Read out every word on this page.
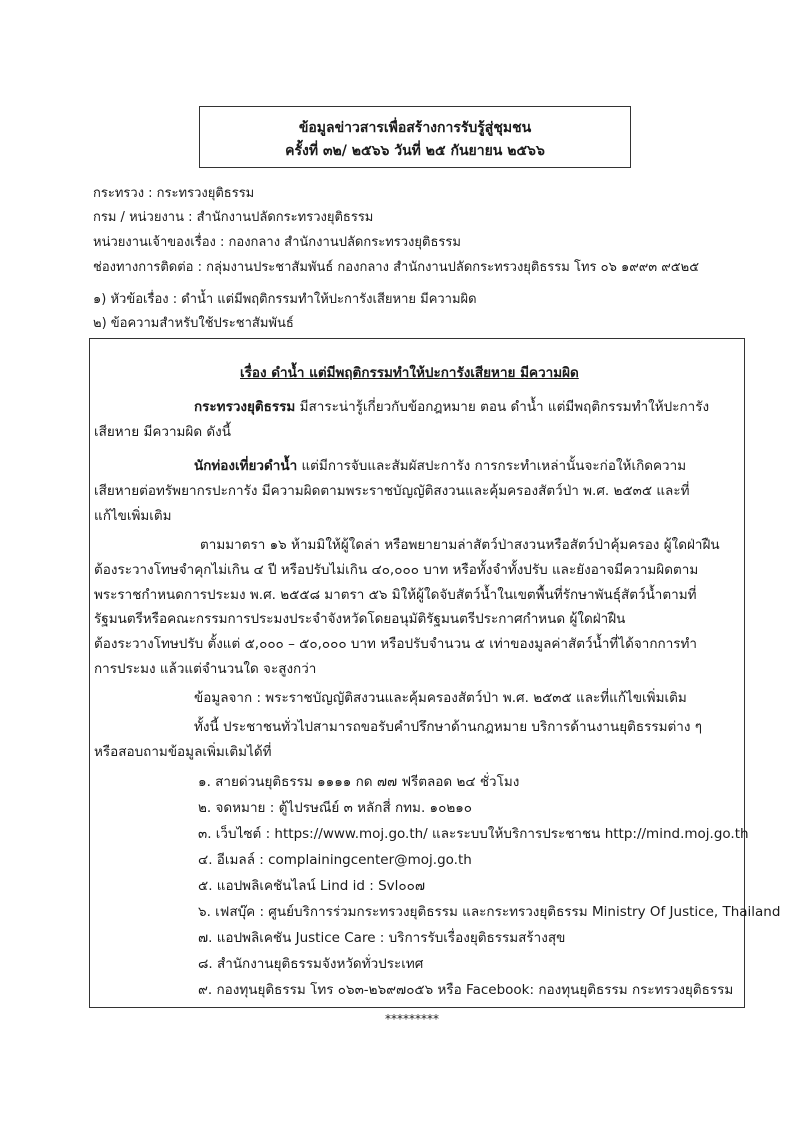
ข้อมูลข่าวสารเพื่อสร้างการรับรู้สู่ชุมชน
ครั้งที่ ๓๒/ ๒๕๖๖ วันที่ ๒๕ กันยายน ๒๕๖๖
กระทรวง : กระทรวงยุติธรรม
กรม / หน่วยงาน : สำนักงานปลัดกระทรวงยุติธรรม
หน่วยงานเจ้าของเรื่อง : กองกลาง สำนักงานปลัดกระทรวงยุติธรรม
ช่องทางการติดต่อ : กลุ่มงานประชาสัมพันธ์ กองกลาง สำนักงานปลัดกระทรวงยุติธรรม โทร ๐๖ ๑๙๙๓ ๙๕๒๕
๑) หัวข้อเรื่อง : ดำน้ำ แต่มีพฤติกรรมทำให้ปะการังเสียหาย มีความผิด
๒) ข้อความสำหรับใช้ประชาสัมพันธ์
เรื่อง ดำน้ำ แต่มีพฤติกรรมทำให้ปะการังเสียหาย มีความผิด
กระทรวงยุติธรรม มีสาระน่ารู้เกี่ยวกับข้อกฎหมาย ตอน ดำน้ำ แต่มีพฤติกรรมทำให้ปะการัง
เสียหาย มีความผิด ดังนี้
นักท่องเที่ยวดำน้ำ แต่มีการจับและสัมผัสปะการัง การกระทำเหล่านั้นจะก่อให้เกิดความ
เสียหายต่อทรัพยากรปะการัง มีความผิดตามพระราชบัญญัติสงวนและคุ้มครองสัตว์ป่า พ.ศ. ๒๕๓๕ และที่
แก้ไขเพิ่มเติม
ตามมาตรา ๑๖ ห้ามมิให้ผู้ใดล่า หรือพยายามล่าสัตว์ป่าสงวนหรือสัตว์ป่าคุ้มครอง ผู้ใดฝ่าฝืน
ต้องระวางโทษจำคุกไม่เกิน ๔ ปี หรือปรับไม่เกิน ๔๐,๐๐๐ บาท หรือทั้งจำทั้งปรับ และยังอาจมีความผิดตาม
พระราชกำหนดการประมง พ.ศ. ๒๕๕๘ มาตรา ๕๖ มิให้ผู้ใดจับสัตว์น้ำในเขตพื้นที่รักษาพันธุ์สัตว์น้ำตามที่
รัฐมนตรีหรือคณะกรรมการประมงประจำจังหวัดโดยอนุมัติรัฐมนตรีประกาศกำหนด ผู้ใดฝ่าฝืน
ต้องระวางโทษปรับ ตั้งแต่ ๕,๐๐๐ – ๕๐,๐๐๐ บาท หรือปรับจำนวน ๕ เท่าของมูลค่าสัตว์น้ำที่ได้จากการทำ
การประมง แล้วแต่จำนวนใด จะสูงกว่า
ข้อมูลจาก : พระราชบัญญัติสงวนและคุ้มครองสัตว์ป่า พ.ศ. ๒๕๓๕ และที่แก้ไขเพิ่มเติม
ทั้งนี้ ประชาชนทั่วไปสามารถขอรับคำปรึกษาด้านกฎหมาย บริการด้านงานยุติธรรมต่าง ๆ
หรือสอบถามข้อมูลเพิ่มเติมได้ที่
๑. สายด่วนยุติธรรม ๑๑๑๑ กด ๗๗ ฟรีตลอด ๒๔ ชั่วโมง
๒. จดหมาย : ตู้ไปรษณีย์ ๓ หลักสี่ กทม. ๑๐๒๑๐
๓. เว็บไซต์ : https://www.moj.go.th/ และระบบให้บริการประชาชน http://mind.moj.go.th
๔. อีเมลล์ : complainingcenter@moj.go.th
๕. แอปพลิเคชันไลน์ Lind id : Svl๐๐๗
๖. เฟสบุ๊ค : ศูนย์บริการร่วมกระทรวงยุติธรรม และกระทรวงยุติธรรม Ministry Of Justice, Thailand
๗. แอปพลิเคชัน Justice Care : บริการรับเรื่องยุติธรรมสร้างสุข
๘. สำนักงานยุติธรรมจังหวัดทั่วประเทศ
๙. กองทุนยุติธรรม โทร ๐๖๓-๒๖๙๗๐๕๖ หรือ Facebook: กองทุนยุติธรรม กระทรวงยุติธรรม
*********
